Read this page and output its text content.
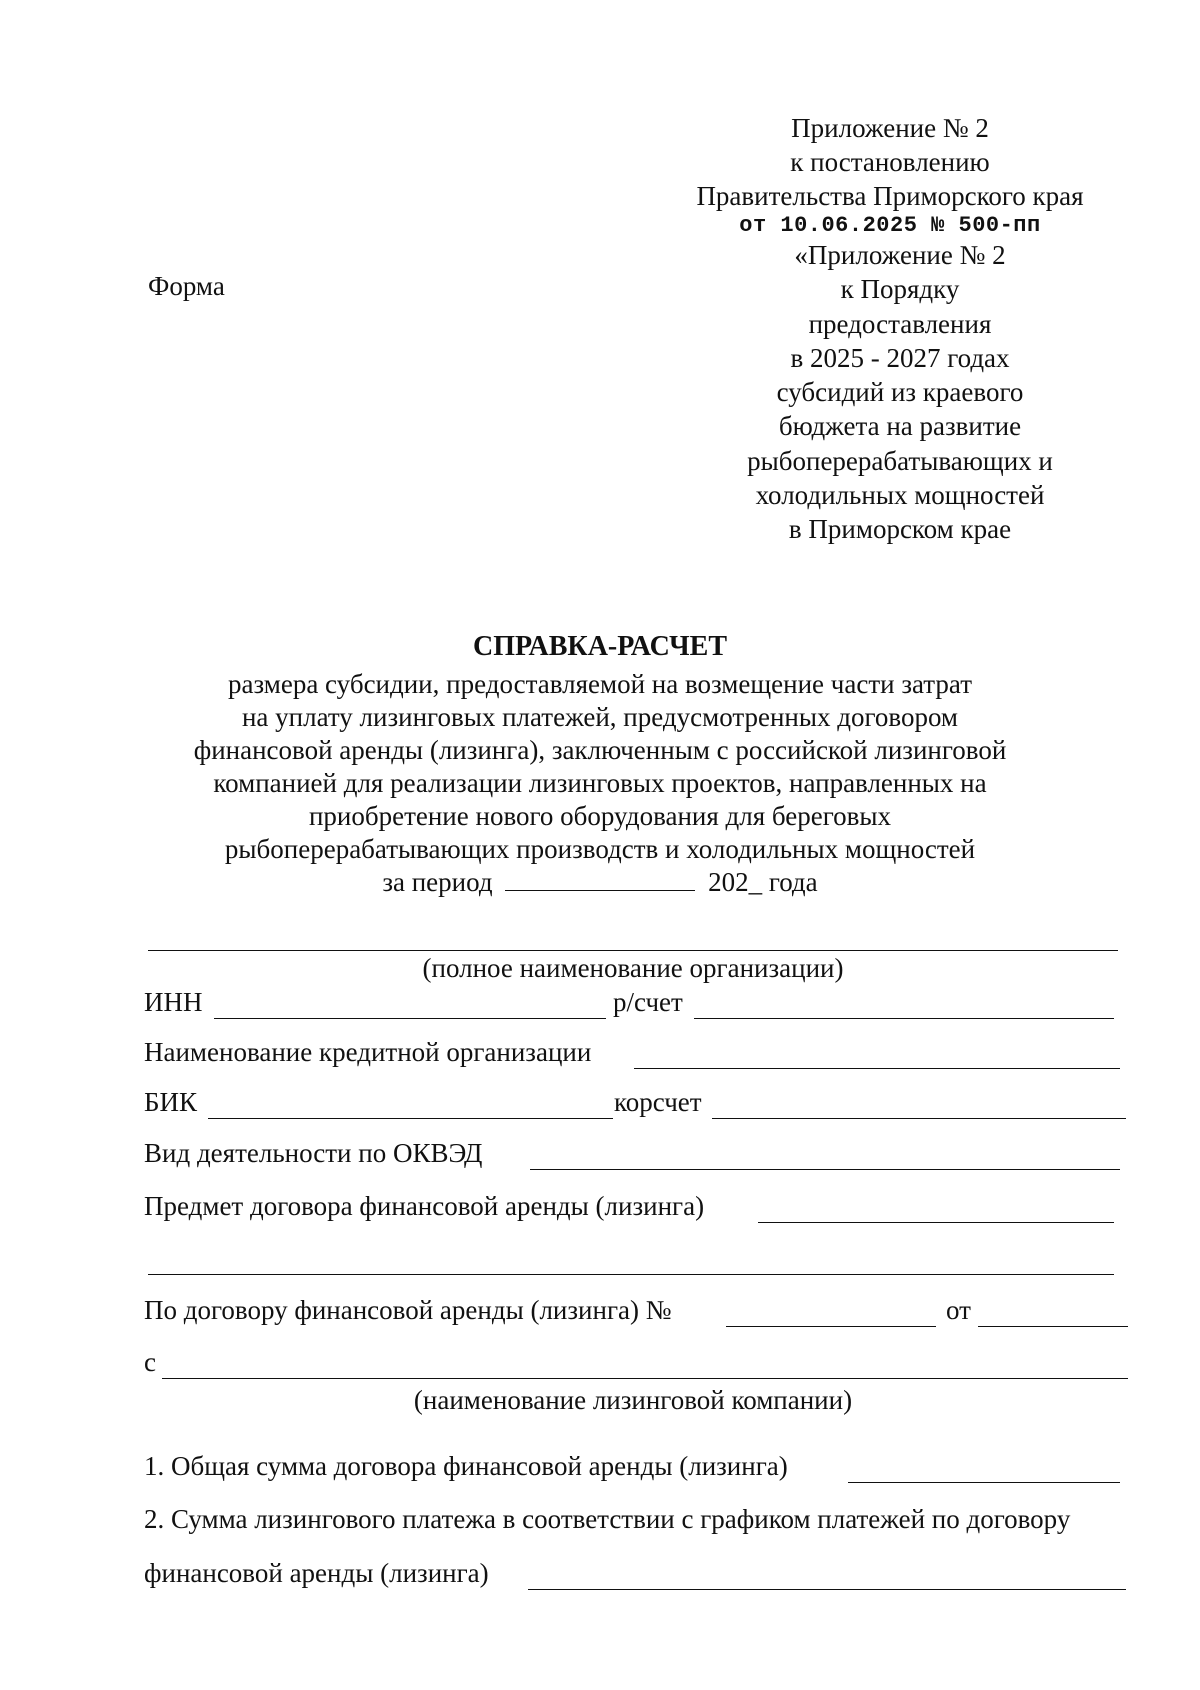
Приложение № 2
к постановлению
Правительства Приморского края
от 10.06.2025 № 500-пп
«Приложение № 2
к Порядку
предоставления
в 2025 - 2027 годах
субсидий из краевого
бюджета на развитие
рыбоперерабатывающих и
холодильных мощностей
в Приморском крае
Форма
СПРАВКА-РАСЧЕТ
размера субсидии, предоставляемой на возмещение части затрат
на уплату лизинговых платежей, предусмотренных договором
финансовой аренды (лизинга), заключенным с российской лизинговой
компанией для реализации лизинговых проектов, направленных на
приобретение нового оборудования для береговых
рыбоперерабатывающих производств и холодильных мощностей
за период	202_ года
(полное наименование организации)
ИНН	р/счет
Наименование кредитной организации
БИК	корсчет
Вид деятельности по ОКВЭД
Предмет договора финансовой аренды (лизинга)
По договору финансовой аренды (лизинга) №	от
с
(наименование лизинговой компании)
1. Общая сумма договора финансовой аренды (лизинга)
2. Сумма лизингового платежа в соответствии с графиком платежей по договору
финансовой аренды (лизинга)
